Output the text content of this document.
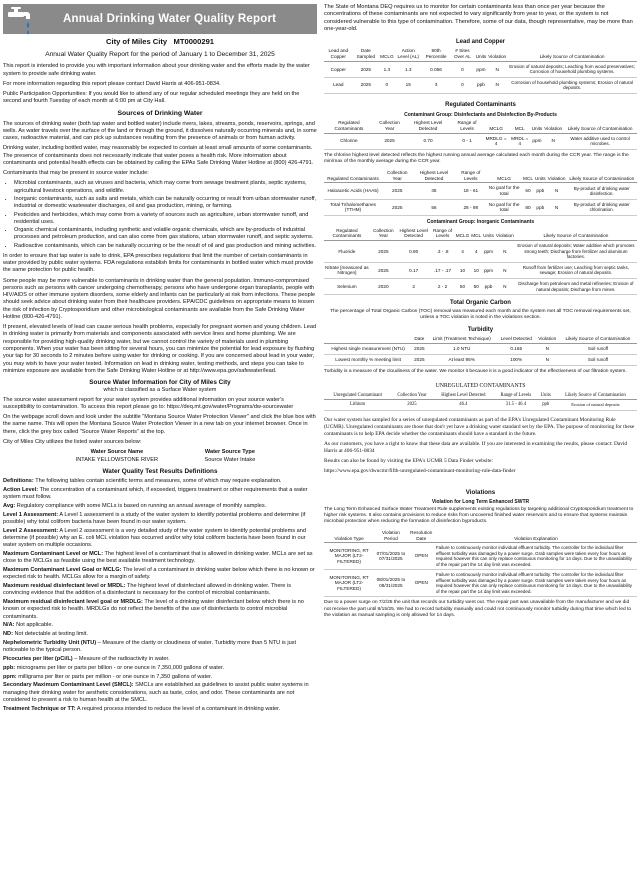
Annual Drinking Water Quality Report
City of Miles City MT0000291
Annual Water Quality Report for the period of January 1 to December 31, 2025

This report is intended to provide you with important information about your drinking water and the efforts made by the water system to provide safe drinking water.

For more information regarding this report please contact David Harris at 406-951-0834.

Public Participation Opportunities: If you would like to attend any of our regular scheduled meetings they are held on the second and fourth Tuesday of each month at 6:00 pm at City Hall.

Sources of Drinking Water

The sources of drinking water (both tap water and bottled water) include rivers, lakes, streams, ponds, reservoirs, springs, and wells. As water travels over the surface of the land or through the ground, it dissolves naturally occurring minerals and, in some cases, radioactive material, and can pick up substances resulting from the presence of animals or from human activity.

Drinking water, including bottled water, may reasonably be expected to contain at least small amounts of some contaminants. The presence of contaminants does not necessarily indicate that water poses a health risk. More information about contaminants and potential health effects can be obtained by calling the EPAs Safe Drinking Water Hotline at (800) 426-4791.

Contaminants that may be present in source water include:

• Microbial contaminants, such as viruses and bacteria, which may come from sewage treatment plants, septic systems, agricultural livestock operations, and wildlife.
• Inorganic contaminants, such as salts and metals, which can be naturally occurring or result from urban stormwater runoff, industrial or domestic wastewater discharges, oil and gas production, mining, or farming.
• Pesticides and herbicides, which may come from a variety of sources such as agriculture, urban stormwater runoff, and residential uses.
• Organic chemical contaminants, including synthetic and volatile organic chemicals, which are by-products of industrial processes and petroleum production, and can also come from gas stations, urban stormwater runoff, and septic systems.
• Radioactive contaminants, which can be naturally occurring or be the result of oil and gas production and mining activities.

In order to ensure that tap water is safe to drink, EPA prescribes regulations that limit the number of certain contaminants in water provided by public water systems. FDA regulations establish limits for contaminants in bottled water which must provide the same protection for public health.

Some people may be more vulnerable to contaminants in drinking water than the general population. Immuno-compromised persons such as persons with cancer undergoing chemotherapy, persons who have undergone organ transplants, people with HIV/AIDS or other immune system disorders, some elderly and infants can be particularly at risk from infections. These people should seek advice about drinking water from their healthcare providers. EPA/CDC guidelines on appropriate means to lessen the risk of infection by Cryptosporidium and other microbiological contaminants are available from the Safe Drinking Water Hotline (800-426-4791).

If present, elevated levels of lead can cause serious health problems, especially for pregnant women and young children. Lead in drinking water is primarily from materials and components associated with service lines and home plumbing. We are responsible for providing high-quality drinking water, but we cannot control the variety of materials used in plumbing components. When your water has been sitting for several hours, you can minimize the potential for lead exposure by flushing your tap for 30 seconds to 2 minutes before using water for drinking or cooking. If you are concerned about lead in your water, you may wish to have your water tested. Information on lead in drinking water, testing methods, and steps you can take to minimize exposure are available from the Safe Drinking Water Hotline or at http://www.epa.gov/safewater/lead.

Source Water Information for City of Miles City
which is classified as a Surface Water system

The source water assessment report for your water system provides additional information on your source water's susceptibility to contamination. To access this report please go to: https://deq.mt.gov/water/Programs/dw-sourcewater

On the webpage scroll down and look under the subtitle "Montana Source Water Protection Viewer" and click the blue box with the same name. This will open the Montana Source Water Protection Viewer in a new tab on your internet browser. Once in there, click the grey box called "Source Water Reports" at the top.

City of Miles City utilizes the listed water sources below:

Water Source Name	Water Source Type
INTAKE YELLOWSTONE RIVER	Source Water Intake
Water Quality Test Results Definitions

Definitions: The following tables contain scientific terms and measures, some of which may require explanation.

Action Level: The concentration of a contaminant which, if exceeded, triggers treatment or other requirements that a water system must follow.

Avg: Regulatory compliance with some MCLs is based on running an annual average of monthly samples.

Level 1 Assessment: A Level 1 assessment is a study of the water system to identify potential problems and determine (if possible) why total coliform bacteria have been found in our water system.

Level 2 Assessment: A Level 2 assessment is a very detailed study of the water system to identify potential problems and determine (if possible) why an E. coli MCL violation has occurred and/or why total coliform bacteria have been found in our water system on multiple occasions.

Maximum Contaminant Level or MCL: The highest level of a contaminant that is allowed in drinking water. MCLs are set as close to the MCLGs as feasible using the best available treatment technology.

Maximum Contaminant Level Goal or MCLG: The level of a contaminant in drinking water below which there is no known or expected risk to health. MCLGs allow for a margin of safety.

Maximum residual disinfectant level or MRDL: The highest level of disinfectant allowed in drinking water. There is convincing evidence that the addition of a disinfectant is necessary for the control of microbial contaminants.

Maximum residual disinfectant level goal or MRDLG: The level of a drinking water disinfectant below which there is no known or expected risk to health. MRDLGs do not reflect the benefits of the use of disinfectants to control microbial contaminants.

N/A: Not applicable.

ND: Not detectable at testing limit.

Nephelometric Turbidity Unit (NTU) – Measure of the clarity or cloudiness of water. Turbidity more than 5 NTU is just noticeable to the typical person.

Picocuries per liter (pCi/L) – Measure of the radioactivity in water.

ppb: micrograms per liter or parts per billion - or one ounce in 7,350,000 gallons of water.

ppm: milligrams per liter or parts per million - or one ounce in 7,350 gallons of water.

Secondary Maximum Contaminant Level (SMCL): SMCLs are established as guidelines to assist public water systems in managing their drinking water for aesthetic considerations, such as taste, color, and odor. These contaminants are not considered to present a risk to human health at the SMCL.

Treatment Technique or TT: A required process intended to reduce the level of a contaminant in drinking water.

The State of Montana DEQ requires us to monitor for certain contaminants less than once per year because the concentrations of these contaminants are not expected to vary significantly from year to year, or the system is not considered vulnerable to this type of contamination. Therefore, some of our data, though representative, may be more than one-year-old.

Lead and Copper
Lead and Copper	Date Sampled	MCLG	Action Level (AL)	90th Percentile	# Sites Over AL	Units	Violation	Likely Source of Contamination
Copper	2025	1.3	1.3	0.056	0	ppm	N	Erosion of natural deposits; Leaching from wood preservatives; Corrosion of household plumbing systems.
Lead	2025	0	15	3	0	ppb	N	Corrosion of household plumbing systems; Erosion of natural deposits.
Regulated Contaminants
Contaminant Group: Disinfectants and Disinfection By-Products
Regulated Contaminants	Collection Year	Highest Level Detected	Range of Levels	MCLG	MCL	Units	Violation	Likely Source of Contamination
Chlorine	2025	0.70	0 - 1	MRDLG = 4	MRDL = 4	ppm	N	Water additive used to control microbes.
The chlorine highest level detected reflects the highest running annual average calculated each month during the CCR year. The range is the min/max of the monthly average during the CCR year.
Regulated Contaminants	Collection Year	Highest Level Detected	Range of Levels	MCLG	MCL	Units	Violation	Likely Source of Contamination
Haloacetic Acids (HAA5)	2025	35	18 - 61	No goal for the total	60	ppb	N	By-product of drinking water disinfection.
Total Trihalomethanes (TTHM)	2025	56	28 - 98	No goal for the total	80	ppb	N	By-product of drinking water chlorination.
Contaminant Group: Inorganic Contaminants
Regulated Contaminants	Collection Year	Highest Level Detected	Range of Levels	MCLG	MCL	Units	Violation	Likely Source of Contamination
Fluoride	2025	0.80	.3 - .8	4	4	ppm	N	Erosion of natural deposits; Water additive which promotes strong teeth; Discharge from fertilizer and aluminum factories.
Nitrate [measured as Nitrogen]	2025	0.17	.17 - .17	10	10	ppm	N	Runoff from fertilizer use; Leaching from septic tanks, sewage; Erosion of natural deposits.
Selenium	2020	2	2 - 2	50	50	ppb	N	Discharge from petroleum and metal refineries; Erosion of natural deposits; Discharge from mines.
Total Organic Carbon
The percentage of Total Organic Carbon (TOC) removal was measured each month and the system met all TOC removal requirements set, unless a TOC violation is noted in the violations section.
Turbidity
	Date	Limit (Treatment Technique)	Level Detected	Violation	Likely Source of Contamination
Highest single measurement (NTU)	2025	1.0 NTU	0.165	N	Soil runoff
Lowest monthly % meeting limit	2025	At least 95%	100%	N	Soil runoff
Turbidity is a measure of the cloudiness of the water. We monitor it because it is a good indicator of the effectiveness of our filtration system.
UNREGULATED CONTAMINANTS
Unregulated Contaminant	Collection Year	Highest Level Detected	Range of Levels	Units	Likely Source of Contamination
Lithium	2025	46.4	31.5 - 46.4	ppb	Erosion of natural deposits

Our water system has sampled for a series of unregulated contaminants as part of the EPA's Unregulated Contaminant Monitoring Rule (UCMR). Unregulated contaminants are those that don't yet have a drinking water standard set by the EPA. The purpose of monitoring for these contaminants is to help EPA decide whether the contaminants should have a standard in the future.

As our customers, you have a right to know that these data are available. If you are interested in examining the results, please contact: David Harris at 406-951-0834

Results can also be found by visiting the EPA's UCMR 5 Data Finder website:

https://www.epa.gov/dwucmr/fifth-unregulated-contaminant-monitoring-rule-data-finder

Violations
Violation for Long Term Enhanced SWTR
The Long Term Enhanced Surface Water Treatment Rule supplements existing regulations by targeting additional Cryptosporidium treatment to higher risk systems. It also contains provisions to reduce risks from uncovered finished water reservoirs and to ensure that systems maintain microbial protection when reducing the formation of disinfection byproducts.
Violation Type	Violation Period	Resolution Date	Violation Explanation
MONITORING, RT MAJOR (LT2-FILTERED)	07/01/2025 to 07/31/2025	OPEN	Failure to continuously monitor individual effluent turbidity. The controller for the individual filter effluent turbidity was damaged by a power surge. Grab samples were taken every four hours as required however this can only replace continuous monitoring for 14 days. Due to the unavailability of the repair part the 14 day limit was exceeded.
MONITORING, RT MAJOR (LT2-FILTERED)	08/01/2025 to 08/31/2025	OPEN	Failure to continuously monitor individual effluent turbidity. The controller for the individual filter effluent turbidity was damaged by a power surge. Grab samples were taken every four hours as required however this can only replace continuous monitoring for 14 days. Due to the unavailability of the repair part the 14 day limit was exceeded.
Due to a power surge on 7/2/25 the unit that records our turbidity went out. The repair part was unavailable from the manufacturer and we did not receive the part until 8/15/25. We had to record turbidity manually and could not continuously monitor turbidity during that time which led to the violation as manual sampling is only allowed for 14 days.
